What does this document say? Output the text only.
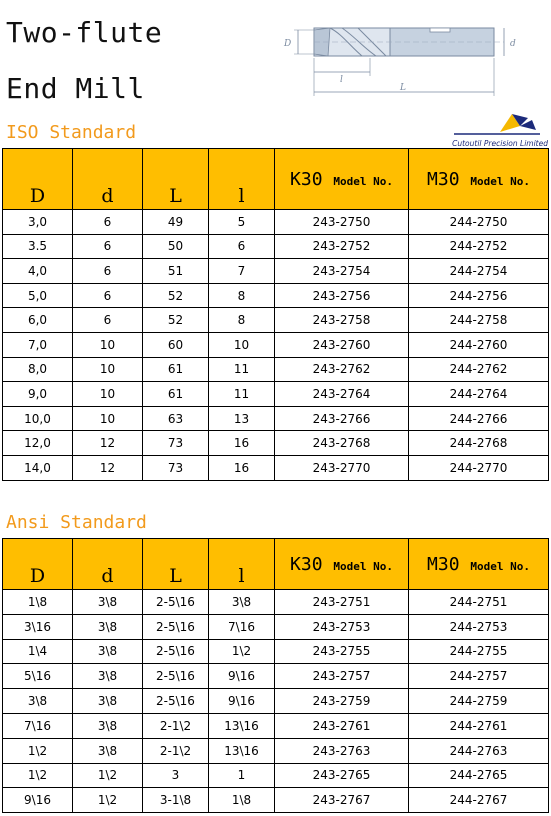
Two-flute
End Mill
D	d
l
L
Cutoutil Precision Limited
ISO Standard
D	d	L	l	K30 Model No.	M30 Model No.
3,0	6	49	5	243-2750	244-2750
3.5	6	50	6	243-2752	244-2752
4,0	6	51	7	243-2754	244-2754
5,0	6	52	8	243-2756	244-2756
6,0	6	52	8	243-2758	244-2758
7,0	10	60	10	243-2760	244-2760
8,0	10	61	11	243-2762	244-2762
9,0	10	61	11	243-2764	244-2764
10,0	10	63	13	243-2766	244-2766
12,0	12	73	16	243-2768	244-2768
14,0	12	73	16	243-2770	244-2770
Ansi Standard
D	d	L	l	K30 Model No.	M30 Model No.
1\8	3\8	2-5\16	3\8	243-2751	244-2751
3\16	3\8	2-5\16	7\16	243-2753	244-2753
1\4	3\8	2-5\16	1\2	243-2755	244-2755
5\16	3\8	2-5\16	9\16	243-2757	244-2757
3\8	3\8	2-5\16	9\16	243-2759	244-2759
7\16	3\8	2-1\2	13\16	243-2761	244-2761
1\2	3\8	2-1\2	13\16	243-2763	244-2763
1\2	1\2	3	1	243-2765	244-2765
9\16	1\2	3-1\8	1\8	243-2767	244-2767
